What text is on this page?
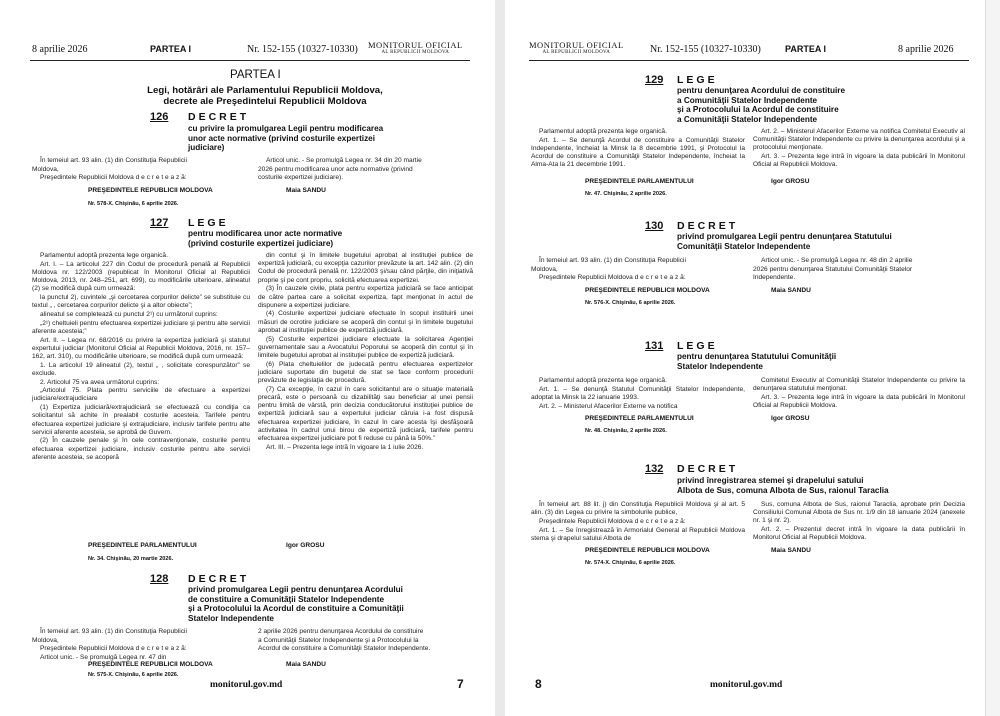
8 aprilie 2026	PARTEA I	Nr. 152-155 (10327-10330) MONITORUL OFICIAL
AL REPUBLICII MOLDOVA
PARTEA I
Legi, hotărâri ale Parlamentului Republicii Moldova,
decrete ale Preşedintelui Republicii Moldova
126 DECRET
cu privire la promulgarea Legii pentru modificarea
unor acte normative (privind costurile expertizei
judiciare)

În temeiul art. 93 alin. (1) din Constituţia Republicii

Moldova,

Preşedintele Republicii Moldova d e c r e t e a z ă:

Articol unic. - Se promulgă Legea nr. 34 din 20 martie

2026 pentru modificarea unor acte normative (privind

costurile expertizei judiciare).

PREŞEDINTELE REPUBLICII MOLDOVA	Maia SANDU
Nr. 578-X. Chişinău, 6 aprilie 2026.
127 LEGE
pentru modificarea unor acte normative
(privind costurile expertizei judiciare)

Parlamentul adoptă prezenta lege organică.

Art. I. – La articolul 227 din Codul de procedură penală al Republicii Moldova nr. 122/2003 (republicat în Monitorul Oficial al Republicii Moldova, 2013, nr. 248–251, art. 699), cu modificările ulterioare, alineatul (2) se modifică după cum urmează:

la punctul 2), cuvintele „şi cercetarea corpurilor delicte” se substituie cu textul „ , cercetarea corpurilor delicte şi a altor obiecte”;

alineatul se completează cu punctul 2¹) cu următorul cuprins:

„2¹) cheltuieli pentru efectuarea expertizei judiciare şi pentru alte servicii aferente acesteia;”

Art. II. – Legea nr. 68/2016 cu privire la expertiza judiciară şi statutul expertului judiciar (Monitorul Oficial al Republicii Moldova, 2016, nr. 157–162, art. 310), cu modificările ulterioare, se modifică după cum urmează:

1. La articolul 19 alineatul (2), textul „ , solicitate corespunzător” se exclude.

2. Articolul 75 va avea următorul cuprins:

„Articolul 75. Plata pentru serviciile de efectuare a expertizei judiciare/extrajudiciare

(1) Expertiza judiciară/extrajudiciară se efectuează cu condiţia ca solicitantul să achite în prealabil costurile acesteia. Tarifele pentru efectuarea expertizei judiciare şi extrajudiciare, inclusiv tarifele pentru alte servicii aferente acesteia, se aprobă de Guvern.

(2) În cauzele penale şi în cele contravenţionale, costurile pentru efectuarea expertizei judiciare, inclusiv costurile pentru alte servicii aferente acesteia, se acoperă

din contul şi în limitele bugetului aprobat al instituţiei publice de expertiză judiciară, cu excepţia cazurilor prevăzute la art. 142 alin. (2) din Codul de procedură penală nr. 122/2003 şi/sau când părţile, din iniţiativă proprie şi pe cont propriu, solicită efectuarea expertizei.

(3) În cauzele civile, plata pentru expertiza judiciară se face anticipat de către partea care a solicitat expertiza, fapt menţionat în actul de dispunere a expertizei judiciare.

(4) Costurile expertizei judiciare efectuate în scopul instituirii unei măsuri de ocrotire judiciare se acoperă din contul şi în limitele bugetului aprobat al instituţiei publice de expertiză judiciară.

(5) Costurile expertizei judiciare efectuate la solicitarea Agenţiei guvernamentale sau a Avocatului Poporului se acoperă din contul şi în limitele bugetului aprobat al instituţiei publice de expertiză judiciară.

(6) Plata cheltuielilor de judecată pentru efectuarea expertizelor judiciare suportate din bugetul de stat se face conform procedurii prevăzute de legislaţia de procedură.

(7) Ca excepţie, în cazul în care solicitantul are o situaţie materială precară, este o persoană cu dizabilităţi sau beneficiar al unei pensii pentru limită de vârstă, prin decizia conducătorului instituţiei publice de expertiză judiciară sau a expertului judiciar căruia i-a fost dispusă efectuarea expertizei judiciare, în cazul în care acesta îşi desfăşoară activitatea în cadrul unui birou de expertiză judiciară, tarifele pentru efectuarea expertizei judiciare pot fi reduse cu până la 50%.”

Art. III. – Prezenta lege intră în vigoare la 1 iulie 2026.

PREŞEDINTELE PARLAMENTULUI	Igor GROSU
Nr. 34. Chişinău, 20 martie 2026.
128 DECRET
privind promulgarea Legii pentru denunţarea Acordului
de constituire a Comunităţii Statelor Independente
şi a Protocolului la Acordul de constituire a Comunităţii
Statelor Independente

În temeiul art. 93 alin. (1) din Constituţia Republicii

Moldova,

Preşedintele Republicii Moldova d e c r e t e a z ă:

Articol unic. - Se promulgă Legea nr. 47 din

2 aprilie 2026 pentru denunţarea Acordului de constituire

a Comunităţii Statelor Independente şi a Protocolului la

Acordul de constituire a Comunităţii Statelor Independente.

PREŞEDINTELE REPUBLICII MOLDOVA	Maia SANDU
Nr. 575-X. Chişinău, 6 aprilie 2026.
monitorul.gov.md	7
MONITORUL OFICIAL
AL REPUBLICII MOLDOVA	Nr. 152-155 (10327-10330)	PARTEA I	8 aprilie 2026
129 LEGE
pentru denunţarea Acordului de constituire
a Comunităţii Statelor Independente
şi a Protocolului la Acordul de constituire
a Comunităţii Statelor Independente

Parlamentul adoptă prezenta lege organică.

Art. 1. – Se denunţă Acordul de constituire a Comunităţii Statelor Independente, încheiat la Minsk la 8 decembrie 1991, şi Protocolul la Acordul de constituire a Comunităţii Statelor Independente, încheiat la Alma-Ata la 21 decembrie 1991.

Art. 2. – Ministerul Afacerilor Externe va notifica Comitetul Executiv al Comunităţii Statelor Independente cu privire la denunţarea acordului şi a protocolului menţionate.

Art. 3. – Prezenta lege intră în vigoare la data publicării în Monitorul Oficial al Republicii Moldova.

PREŞEDINTELE PARLAMENTULUI	Igor GROSU
Nr. 47. Chişinău, 2 aprilie 2026.
130 DECRET
privind promulgarea Legii pentru denunţarea Statutului
Comunităţii Statelor Independente

În temeiul art. 93 alin. (1) din Constituţia Republicii

Moldova,

Preşedintele Republicii Moldova d e c r e t e a z ă:

Articol unic. - Se promulgă Legea nr. 48 din 2 aprilie

2026 pentru denunţarea Statutului Comunităţii Statelor

Independente.

PREŞEDINTELE REPUBLICII MOLDOVA	Maia SANDU
Nr. 576-X. Chişinău, 6 aprilie 2026.
131 LEGE
pentru denunţarea Statutului Comunităţii
Statelor Independente

Parlamentul adoptă prezenta lege organică.

Art. 1. – Se denunţă Statutul Comunităţii Statelor Independente, adoptat la Minsk la 22 ianuarie 1993.

Art. 2. – Ministerul Afacerilor Externe va notifica

Comitetul Executiv al Comunităţii Statelor Independente cu privire la denunţarea statutului menţionat.

Art. 3. – Prezenta lege intră în vigoare la data publicării în Monitorul Oficial al Republicii Moldova.

PREŞEDINTELE PARLAMENTULUI	Igor GROSU
Nr. 48. Chişinău, 2 aprilie 2026.
132 DECRET
privind înregistrarea stemei şi drapelului satului
Albota de Sus, comuna Albota de Sus, raionul Taraclia

În temeiul art. 88 lit. j) din Constituţia Republicii Moldova şi al art. 5 alin. (3) din Legea cu privire la simbolurile publice,

Preşedintele Republicii Moldova d e c r e t e a z ă:

Art. 1. – Se înregistrează în Armorialul General al Republicii Moldova stema şi drapelul satului Albota de

Sus, comuna Albota de Sus, raionul Taraclia, aprobate prin Decizia Consiliului Comunal Albota de Sus nr. 1/9 din 18 ianuarie 2024 (anexele nr. 1 şi nr. 2).

Art. 2. – Prezentul decret intră în vigoare la data publicării în Monitorul Oficial al Republicii Moldova.

PREŞEDINTELE REPUBLICII MOLDOVA	Maia SANDU
Nr. 574-X. Chişinău, 6 aprilie 2026.
8	monitorul.gov.md
